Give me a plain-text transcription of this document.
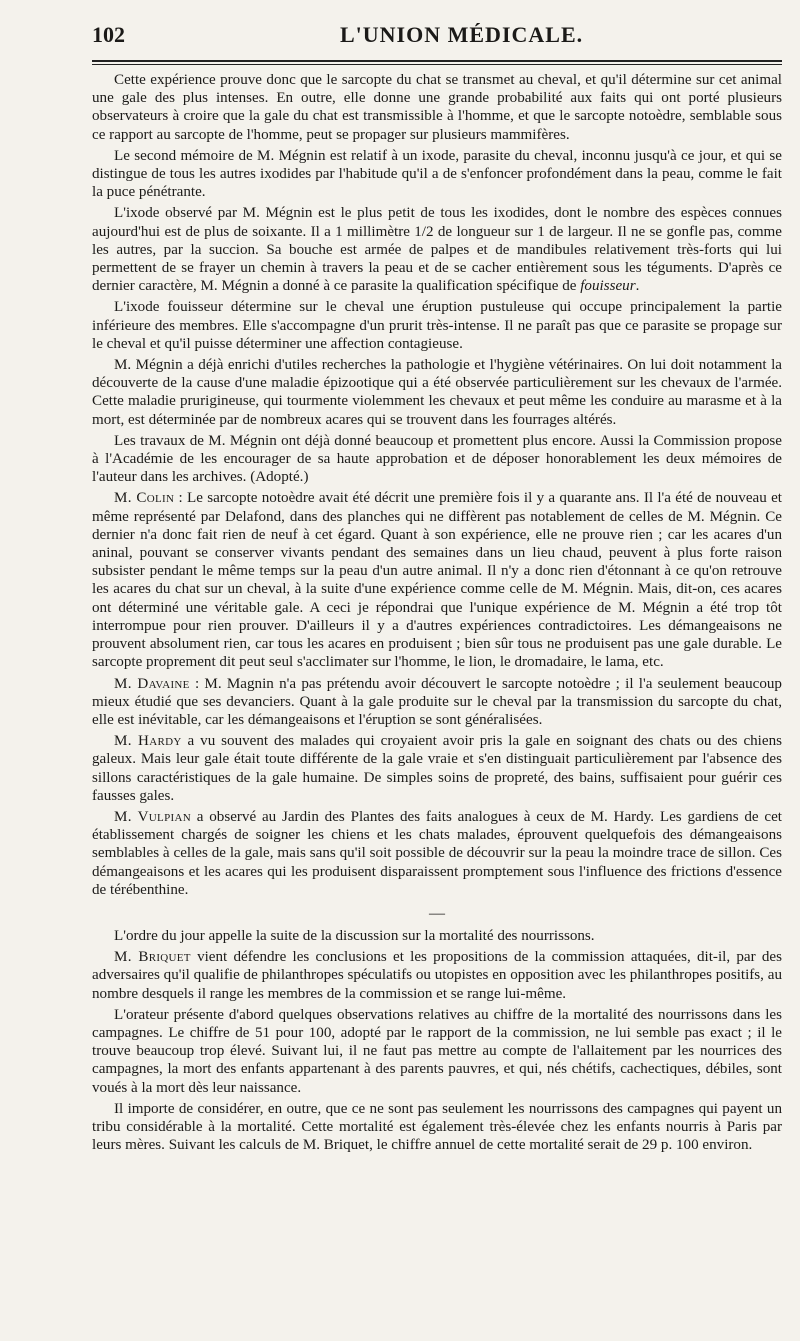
102	L'UNION MÉDICALE.

Cette expérience prouve donc que le sarcopte du chat se transmet au cheval, et qu'il détermine sur cet animal une gale des plus intenses. En outre, elle donne une grande probabilité aux faits qui ont porté plusieurs observateurs à croire que la gale du chat est transmissible à l'homme, et que le sarcopte notoèdre, semblable sous ce rapport au sarcopte de l'homme, peut se propager sur plusieurs mammifères.

Le second mémoire de M. Mégnin est relatif à un ixode, parasite du cheval, inconnu jusqu'à ce jour, et qui se distingue de tous les autres ixodides par l'habitude qu'il a de s'enfoncer profondément dans la peau, comme le fait la puce pénétrante.

L'ixode observé par M. Mégnin est le plus petit de tous les ixodides, dont le nombre des espèces connues aujourd'hui est de plus de soixante. Il a 1 millimètre 1/2 de longueur sur 1 de largeur. Il ne se gonfle pas, comme les autres, par la succion. Sa bouche est armée de palpes et de mandibules relativement très-forts qui lui permettent de se frayer un chemin à travers la peau et de se cacher entièrement sous les téguments. D'après ce dernier caractère, M. Mégnin a donné à ce parasite la qualification spécifique de fouisseur.

L'ixode fouisseur détermine sur le cheval une éruption pustuleuse qui occupe principalement la partie inférieure des membres. Elle s'accompagne d'un prurit très-intense. Il ne paraît pas que ce parasite se propage sur le cheval et qu'il puisse déterminer une affection contagieuse.

M. Mégnin a déjà enrichi d'utiles recherches la pathologie et l'hygiène vétérinaires. On lui doit notamment la découverte de la cause d'une maladie épizootique qui a été observée particulièrement sur les chevaux de l'armée. Cette maladie prurigineuse, qui tourmente violemment les chevaux et peut même les conduire au marasme et à la mort, est déterminée par de nombreux acares qui se trouvent dans les fourrages altérés.

Les travaux de M. Mégnin ont déjà donné beaucoup et promettent plus encore. Aussi la Commission propose à l'Académie de les encourager de sa haute approbation et de déposer honorablement les deux mémoires de l'auteur dans les archives. (Adopté.)

M. Colin : Le sarcopte notoèdre avait été décrit une première fois il y a quarante ans. Il l'a été de nouveau et même représenté par Delafond, dans des planches qui ne diffèrent pas notablement de celles de M. Mégnin. Ce dernier n'a donc fait rien de neuf à cet égard. Quant à son expérience, elle ne prouve rien ; car les acares d'un aninal, pouvant se conserver vivants pendant des semaines dans un lieu chaud, peuvent à plus forte raison subsister pendant le même temps sur la peau d'un autre animal. Il n'y a donc rien d'étonnant à ce qu'on retrouve les acares du chat sur un cheval, à la suite d'une expérience comme celle de M. Mégnin. Mais, dit-on, ces acares ont déterminé une véritable gale. A ceci je répondrai que l'unique expérience de M. Mégnin a été trop tôt interrompue pour rien prouver. D'ailleurs il y a d'autres expériences contradictoires. Les démangeaisons ne prouvent absolument rien, car tous les acares en produisent ; bien sûr tous ne produisent pas une gale durable. Le sarcopte proprement dit peut seul s'acclimater sur l'homme, le lion, le dromadaire, le lama, etc.

M. Davaine : M. Magnin n'a pas prétendu avoir découvert le sarcopte notoèdre ; il l'a seulement beaucoup mieux étudié que ses devanciers. Quant à la gale produite sur le cheval par la transmission du sarcopte du chat, elle est inévitable, car les démangeaisons et l'éruption se sont généralisées.

M. Hardy a vu souvent des malades qui croyaient avoir pris la gale en soignant des chats ou des chiens galeux. Mais leur gale était toute différente de la gale vraie et s'en distinguait particulièrement par l'absence des sillons caractéristiques de la gale humaine. De simples soins de propreté, des bains, suffisaient pour guérir ces fausses gales.

M. Vulpian a observé au Jardin des Plantes des faits analogues à ceux de M. Hardy. Les gardiens de cet établissement chargés de soigner les chiens et les chats malades, éprouvent quelquefois des démangeaisons semblables à celles de la gale, mais sans qu'il soit possible de découvrir sur la peau la moindre trace de sillon. Ces démangeaisons et les acares qui les produisent disparaissent promptement sous l'influence des frictions d'essence de térébenthine.

—

L'ordre du jour appelle la suite de la discussion sur la mortalité des nourrissons.

M. Briquet vient défendre les conclusions et les propositions de la commission attaquées, dit-il, par des adversaires qu'il qualifie de philanthropes spéculatifs ou utopistes en opposition avec les philanthropes positifs, au nombre desquels il range les membres de la commission et se range lui-même.

L'orateur présente d'abord quelques observations relatives au chiffre de la mortalité des nourrissons dans les campagnes. Le chiffre de 51 pour 100, adopté par le rapport de la commission, ne lui semble pas exact ; il le trouve beaucoup trop élevé. Suivant lui, il ne faut pas mettre au compte de l'allaitement par les nourrices des campagnes, la mort des enfants appartenant à des parents pauvres, et qui, nés chétifs, cachectiques, débiles, sont voués à la mort dès leur naissance.

Il importe de considérer, en outre, que ce ne sont pas seulement les nourrissons des campagnes qui payent un tribu considérable à la mortalité. Cette mortalité est également très-élevée chez les enfants nourris à Paris par leurs mères. Suivant les calculs de M. Briquet, le chiffre annuel de cette mortalité serait de 29 p. 100 environ.
